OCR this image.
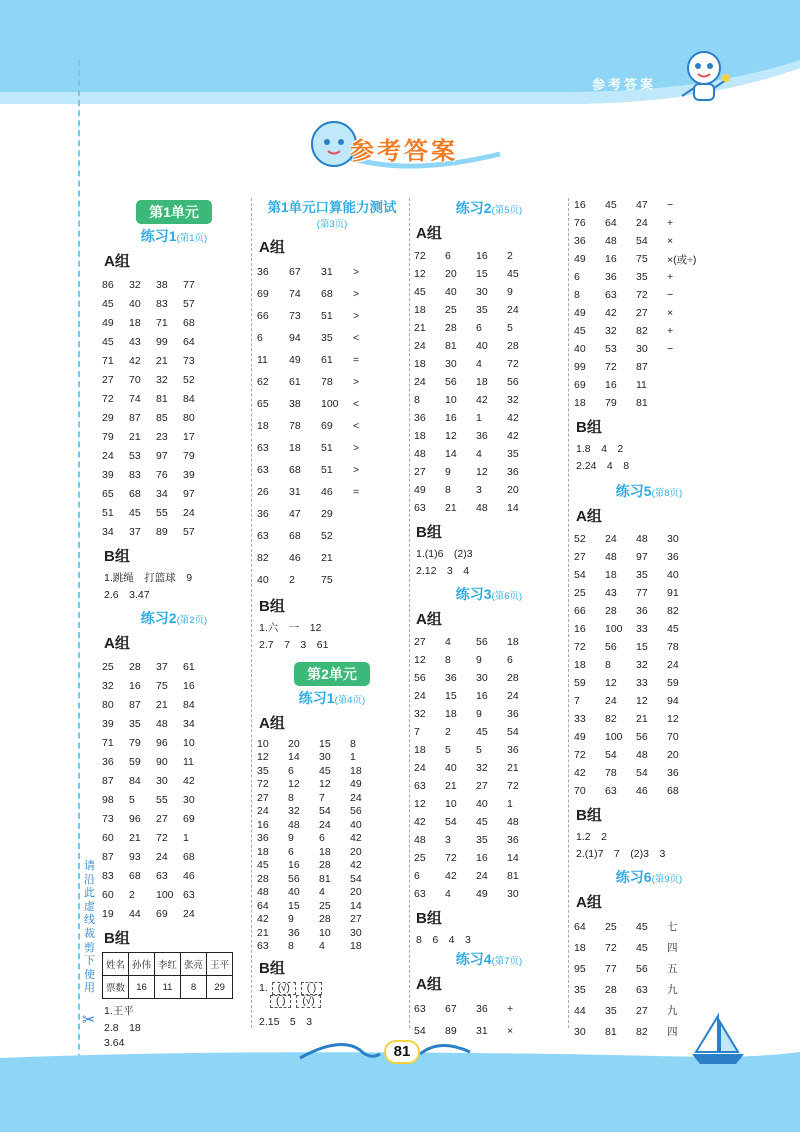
参考答案
请沿此虚线裁剪下使用
✂
参考答案
第1单元
练习1(第1页)
A组
86	32	38	77
45	40	83	57
49	18	71	68
45	43	99	64
71	42	21	73
27	70	32	52
72	74	81	84
29	87	85	80
79	21	23	17
24	53	97	79
39	83	76	39
65	68	34	97
51	45	55	24
34	37	89	57
B组
1.跳绳　打篮球　9
2.6　3.47
练习2(第2页)
A组
25	28	37	61
32	16	75	16
80	87	21	84
39	35	48	34
71	79	96	10
36	59	90	11
87	84	30	42
98	5	55	30
73	96	27	69
60	21	72	1
87	93	24	68
83	68	63	46
60	2	100	63
19	44	69	24
B组
姓名	孙伟	李红	张亮	王平
票数	16	11	8	29
1.王平
2.8　18
3.64
第1单元口算能力测试
(第3页)
A组
36	67	31	>
69	74	68	>
66	73	51	>
6	94	35	<
11	49	61	=
62	61	78	>
65	38	100	<
18	78	69	<
63	18	51	>
63	68	51	>
26	31	46	=
36	47	29	
63	68	52	
82	46	21	
40	2	75	
B组
1.六　一　12
2.7　7　3　61
第2单元
练习1(第4页)
A组
10	20	15	8
12	14	30	1
35	6	45	18
72	12	12	49
27	8	7	24
24	32	54	56
16	48	24	40
36	9	6	42
18	6	18	20
45	16	28	42
28	56	81	54
48	40	4	20
64	15	25	14
42	9	28	27
21	36	10	30
63	8	4	18
B组
1. (√) ( )
( ) (√)
2.15　5　3
练习2(第5页)
A组
72	6	16	2
12	20	15	45
45	40	30	9
18	25	35	24
21	28	6	5
24	81	40	28
18	30	4	72
24	56	18	56
8	10	42	32
36	16	1	42
18	12	36	42
48	14	4	35
27	9	12	36
49	8	3	20
63	21	48	14
B组
1.(1)6　(2)3
2.12　3　4
练习3(第6页)
A组
27	4	56	18
12	8	9	6
56	36	30	28
24	15	16	24
32	18	9	36
7	2	45	54
18	5	5	36
24	40	32	21
63	21	27	72
12	10	40	1
42	54	45	48
48	3	35	36
25	72	16	14
6	42	24	81
63	4	49	30
B组
8　6　4　3
练习4(第7页)
A组
63	67	36	+
54	89	31	×
16	45	47	−
76	64	24	+
36	48	54	×
49	16	75	×(或÷)
6	36	35	+
8	63	72	−
49	42	27	×
45	32	82	+
40	53	30	−
99	72	87	
69	16	11	
18	79	81	
B组
1.8　4　2
2.24　4　8
练习5(第8页)
A组
52	24	48	30
27	48	97	36
54	18	35	40
25	43	77	91
66	28	36	82
16	100	33	45
72	56	15	78
18	8	32	24
59	12	33	59
7	24	12	94
33	82	21	12
49	100	56	70
72	54	48	20
42	78	54	36
70	63	46	68
B组
1.2　2
2.(1)7　7　(2)3　3
练习6(第9页)
A组
64	25	45	七
18	72	45	四
95	77	56	五
35	28	63	九
44	35	27	九
30	81	82	四
81
